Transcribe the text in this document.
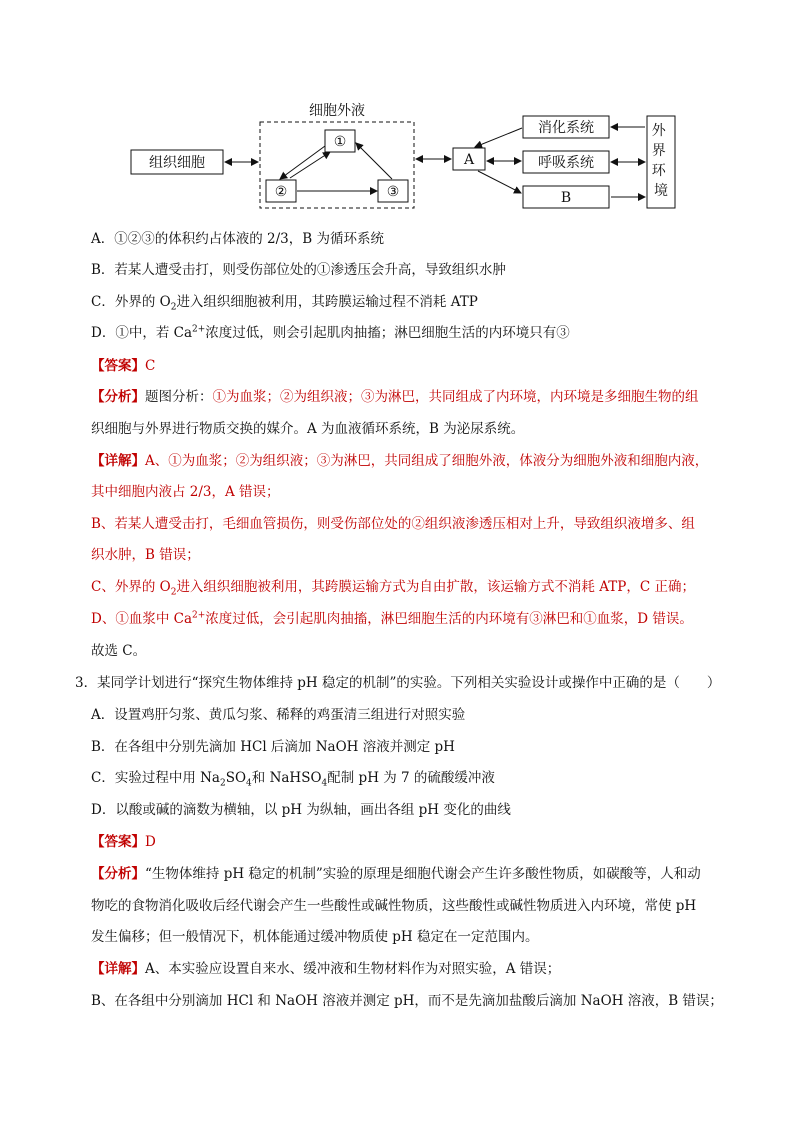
细胞外液
组织细胞
①
②	③
A
消化系统
呼吸系统
B
外 界 环 境
A．①②③的体积约占体液的 2/3，B 为循环系统
B．若某人遭受击打，则受伤部位处的①渗透压会升高，导致组织水肿
C．外界的 $O_2$进入组织细胞被利用，其跨膜运输过程不消耗 ATP
D．①中，若 $Ca^{2+}$浓度过低，则会引起肌肉抽搐；淋巴细胞生活的内环境只有③
【答案】C
【分析】题图分析：①为血浆；②为组织液；③为淋巴，共同组成了内环境，内环境是多细胞生物的组
织细胞与外界进行物质交换的媒介。A 为血液循环系统，B 为泌尿系统。
【详解】A、①为血浆；②为组织液；③为淋巴，共同组成了细胞外液，体液分为细胞外液和细胞内液，
其中细胞内液占 2/3，A 错误；
B、若某人遭受击打，毛细血管损伤，则受伤部位处的②组织液渗透压相对上升，导致组织液增多、组
织水肿，B 错误；
C、外界的 $O_2$进入组织细胞被利用，其跨膜运输方式为自由扩散，该运输方式不消耗 ATP，C 正确；
D、①血浆中 $Ca^{2+}$浓度过低，会引起肌肉抽搐，淋巴细胞生活的内环境有③淋巴和①血浆，D 错误。
故选 C。
3．某同学计划进行“探究生物体维持 pH 稳定的机制”的实验。下列相关实验设计或操作中正确的是（　　）
A．设置鸡肝匀浆、黄瓜匀浆、稀释的鸡蛋清三组进行对照实验
B．在各组中分别先滴加 HCl 后滴加 NaOH 溶液并测定 pH
C．实验过程中用 $Na_2SO_4$和 NaHSO$_4$配制 pH 为 7 的硫酸缓冲液
D．以酸或碱的滴数为横轴，以 pH 为纵轴，画出各组 pH 变化的曲线
【答案】D
【分析】“生物体维持 pH 稳定的机制”实验的原理是细胞代谢会产生许多酸性物质，如碳酸等，人和动
物吃的食物消化吸收后经代谢会产生一些酸性或碱性物质，这些酸性或碱性物质进入内环境，常使 pH
发生偏移；但一般情况下，机体能通过缓冲物质使 pH 稳定在一定范围内。
【详解】A、本实验应设置自来水、缓冲液和生物材料作为对照实验，A 错误；
B、在各组中分别滴加 HCl 和 NaOH 溶液并测定 pH，而不是先滴加盐酸后滴加 NaOH 溶液，B 错误；
